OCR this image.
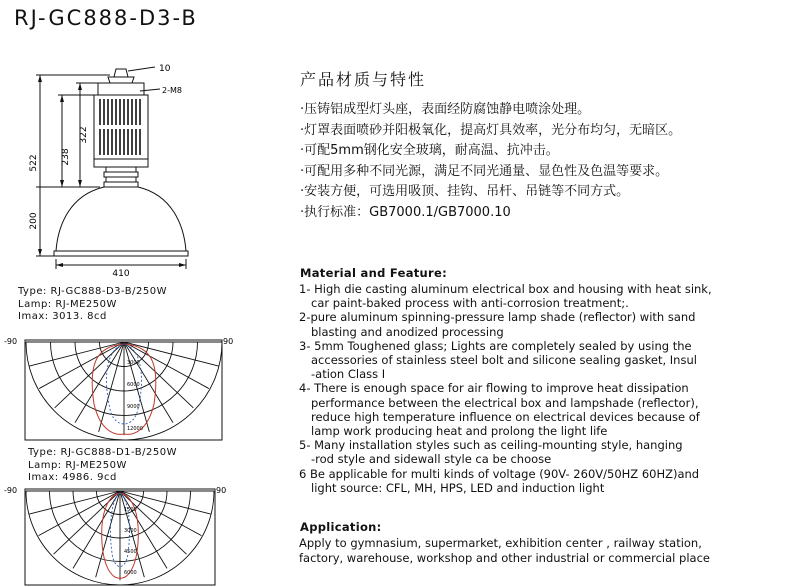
RJ-GC888-D3-B
10
2-M8
322
522 238
200
410
Type: RJ-GC888-D3-B/250W
Lamp: RJ-ME250W
Imax: 3013. 8cd
-90	90
3000
6000
9000
12000
Type: RJ-GC888-D1-B/250W
Lamp: RJ-ME250W
Imax: 4986. 9cd
-90	90
1500
3000
4500
6000
产品材质与特性
·压铸铝成型灯头座，表面经防腐蚀静电喷涂处理。
·灯罩表面喷砂并阳极氧化，提高灯具效率，光分布均匀，无暗区。
·可配5mm钢化安全玻璃，耐高温、抗冲击。
·可配用多种不同光源，满足不同光通量、显色性及色温等要求。
·安装方便，可选用吸顶、挂钩、吊杆、吊链等不同方式。
·执行标准：GB7000.1/GB7000.10
Material and Feature:
1- High die casting aluminum electrical box and housing with heat sink,
car paint-baked process with anti-corrosion treatment;.
2-pure aluminum spinning-pressure lamp shade (reflector) with sand
blasting and anodized processing
3- 5mm Toughened glass; Lights are completely sealed by using the
accessories of stainless steel bolt and silicone sealing gasket, Insul
-ation Class I
4- There is enough space for air flowing to improve heat dissipation
performance between the electrical box and lampshade (reflector),
reduce high temperature influence on electrical devices because of
lamp work producing heat and prolong the light life
5- Many installation styles such as ceiling-mounting style, hanging
-rod style and sidewall style ca be choose
6 Be applicable for multi kinds of voltage (90V- 260V/50HZ 60HZ)and
light source: CFL, MH, HPS, LED and induction light
Application:
Apply to gymnasium, supermarket, exhibition center , railway station,
factory, warehouse, workshop and other industrial or commercial place
